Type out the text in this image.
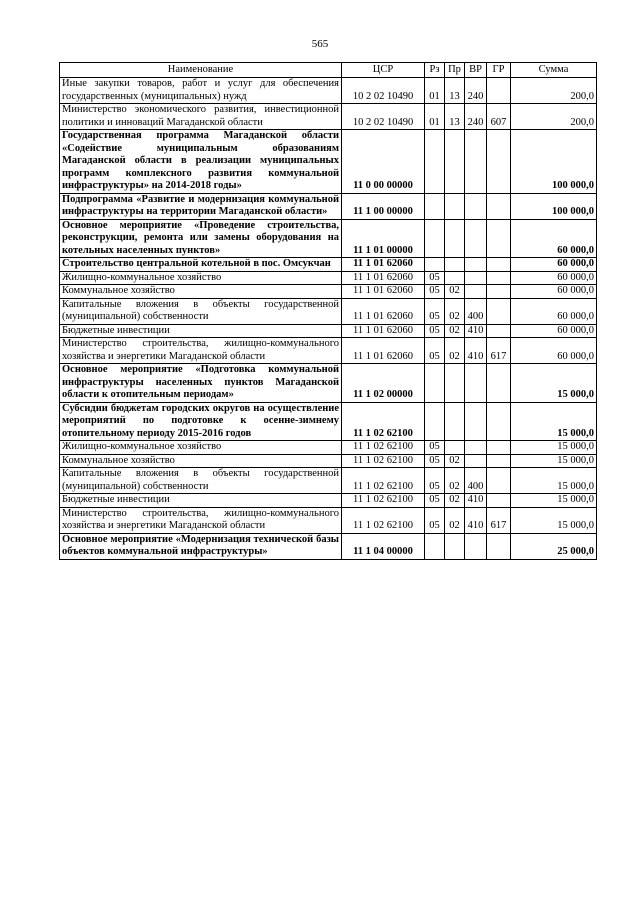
565
Наименование	ЦСР	Рз	Пр	ВР	ГР	Сумма
Иные закупки товаров, работ и услуг для обеспечения государственных (муниципальных) нужд	10 2 02 10490	01	13	240		200,0
Министерство экономического развития, инвестиционной политики и инноваций Магаданской области	10 2 02 10490	01	13	240	607	200,0
Государственная программа Магаданской области «Содействие муниципальным образованиям Магаданской области в реализации муниципальных программ комплексного развития коммунальной инфраструктуры» на 2014-2018 годы»	11 0 00 00000					100 000,0
Подпрограмма «Развитие и модернизация коммунальной инфраструктуры на территории Магаданской области»	11 1 00 00000					100 000,0
Основное мероприятие «Проведение строительства, реконструкции, ремонта или замены оборудования на котельных населенных пунктов»	11 1 01 00000					60 000,0
Строительство центральной котельной в пос. Омсукчан	11 1 01 62060					60 000,0
Жилищно-коммунальное хозяйство	11 1 01 62060	05				60 000,0
Коммунальное хозяйство	11 1 01 62060	05	02			60 000,0
Капитальные вложения в объекты государственной (муниципальной) собственности	11 1 01 62060	05	02	400		60 000,0
Бюджетные инвестиции	11 1 01 62060	05	02	410		60 000,0
Министерство строительства, жилищно-коммунального хозяйства и энергетики Магаданской области	11 1 01 62060	05	02	410	617	60 000,0
Основное мероприятие «Подготовка коммунальной инфраструктуры населенных пунктов Магаданской области к отопительным периодам»	11 1 02 00000					15 000,0
Субсидии бюджетам городских округов на осуществление мероприятий по подготовке к осенне-зимнему отопительному периоду 2015-2016 годов	11 1 02 62100					15 000,0
Жилищно-коммунальное хозяйство	11 1 02 62100	05				15 000,0
Коммунальное хозяйство	11 1 02 62100	05	02			15 000,0
Капитальные вложения в объекты государственной (муниципальной) собственности	11 1 02 62100	05	02	400		15 000,0
Бюджетные инвестиции	11 1 02 62100	05	02	410		15 000,0
Министерство строительства, жилищно-коммунального хозяйства и энергетики Магаданской области	11 1 02 62100	05	02	410	617	15 000,0
Основное мероприятие «Модернизация технической базы объектов коммунальной инфраструктуры»	11 1 04 00000					25 000,0
